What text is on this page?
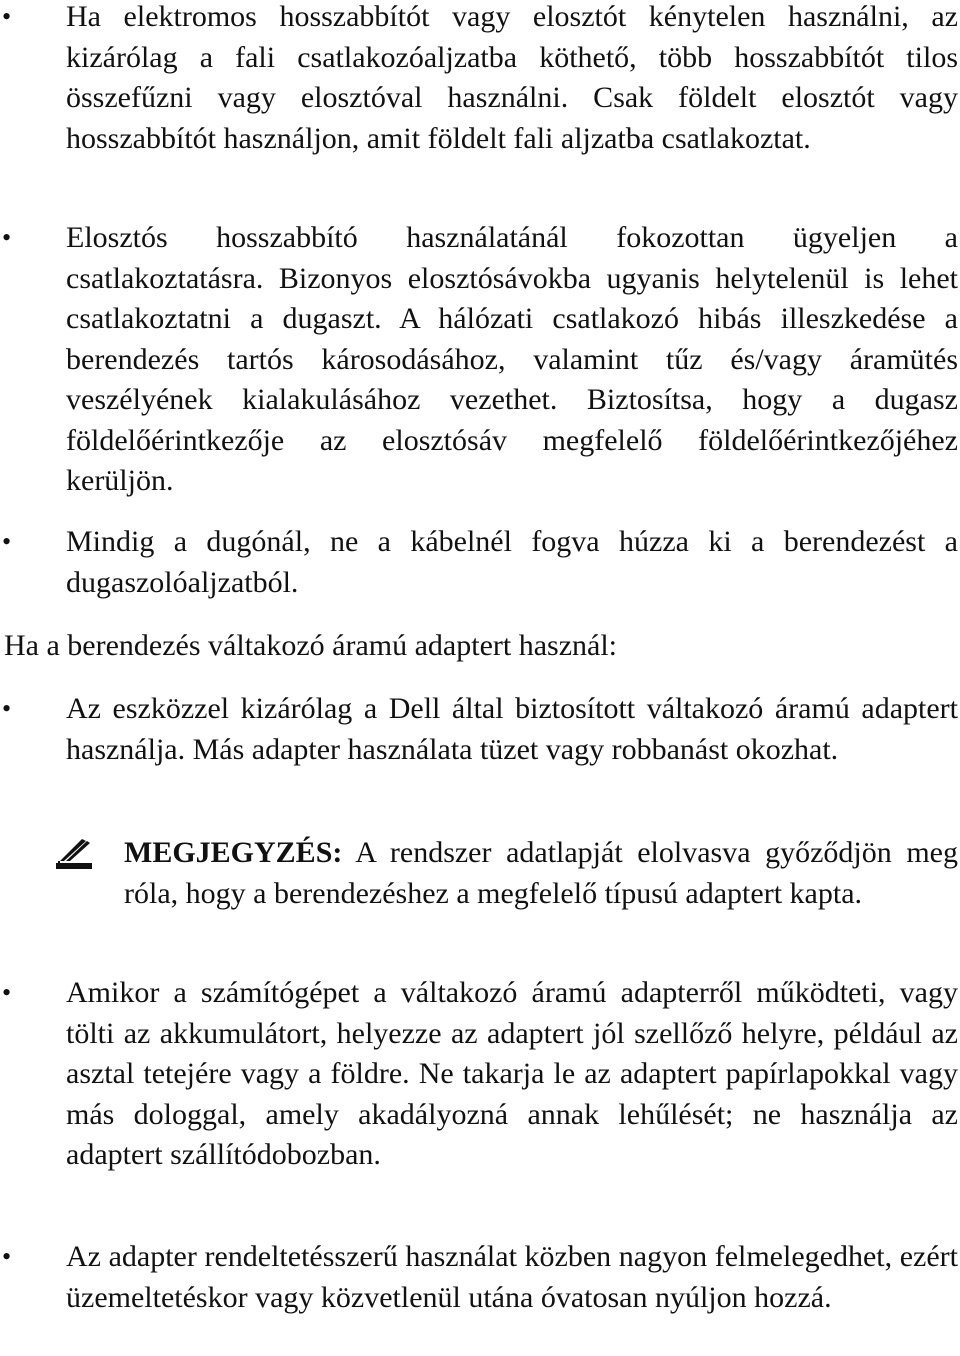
• Ha elektromos hosszabbítót vagy elosztót kénytelen használni, az kizárólag a fali csatlakozóaljzatba köthető, több hosszabbítót tilos összefűzni vagy elosztóval használni. Csak földelt elosztót vagy hosszabbítót használjon, amit földelt fali aljzatba csatlakoztat.
• Elosztós hosszabbító használatánál fokozottan ügyeljen a csatlakoztatásra. Bizonyos elosztósávokba ugyanis helytelenül is lehet csatlakoztatni a dugaszt. A hálózati csatlakozó hibás illeszkedése a berendezés tartós károsodásához, valamint tűz és/vagy áramütés veszélyének kialakulásához vezethet. Biztosítsa, hogy a dugasz földelőérintkezője az elosztósáv megfelelő földelőérintkezőjéhez kerüljön.
• Mindig a dugónál, ne a kábelnél fogva húzza ki a berendezést a dugaszolóaljzatból.
Ha a berendezés váltakozó áramú adaptert használ:
• Az eszközzel kizárólag a Dell által biztosított váltakozó áramú adaptert használja. Más adapter használata tüzet vagy robbanást okozhat.
MEGJEGYZÉS: A rendszer adatlapját elolvasva győződjön meg róla, hogy a berendezéshez a megfelelő típusú adaptert kapta.
• Amikor a számítógépet a váltakozó áramú adapterről működteti, vagy tölti az akkumulátort, helyezze az adaptert jól szellőző helyre, például az asztal tetejére vagy a földre. Ne takarja le az adaptert papírlapokkal vagy más dologgal, amely akadályozná annak lehűlését; ne használja az adaptert szállítódobozban.
• Az adapter rendeltetésszerű használat közben nagyon felmelegedhet, ezért üzemeltetéskor vagy közvetlenül utána óvatosan nyúljon hozzá.
